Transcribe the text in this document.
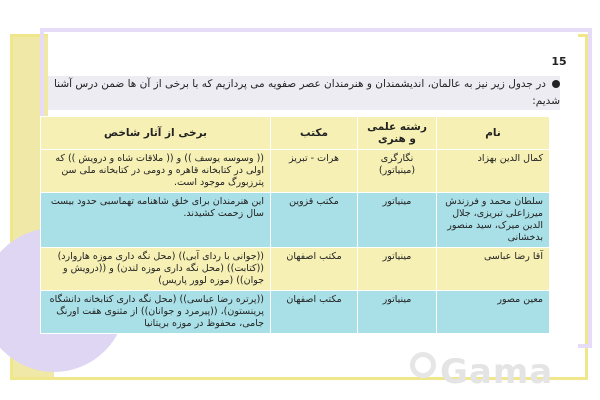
15
در جدول زیر نیز به عالمان، اندیشمندان و هنرمندان عصر صفویه می پردازیم که با برخی از آن ها ضمن درس آشنا شدیم:
نام	رشته علمی و هنری	مکتب	برخی از آثار شاخص
کمال الدین بهزاد	نگارگری (مینیاتور)	هرات - تبریز	(( وسوسه یوسف )) و (( ملاقات شاه و درویش )) که اولی در کتابخانه قاهره و دومی در کتابخانه ملی سن پترزبورگ موجود است.
سلطان محمد و فرزندش میرزاعلی تبریزی، جلال الدین میرک، سید منصور بدخشانی	مینیاتور	مکتب قزوین	این هنرمندان برای خلق شاهنامه تهماسبی حدود بیست سال زحمت کشیدند.
آقا رضا عباسی	مینیاتور	مکتب اصفهان	((جوانی با ردای آبی)) (محل نگه داری موزه هاروارد) ((کتابت)) (محل نگه داری موزه لندن) و ((درویش و جوان)) (موزه لوور پاریس)
معین مصور	مینیاتور	مکتب اصفهان	((پرتره رضا عباسی)) (محل نگه داری کتابخانه دانشگاه پرینستون)، ((پیرمرد و جوانان)) از مثنوی هفت اورنگ جامی، محفوظ در موزه بریتانیا
Gama
